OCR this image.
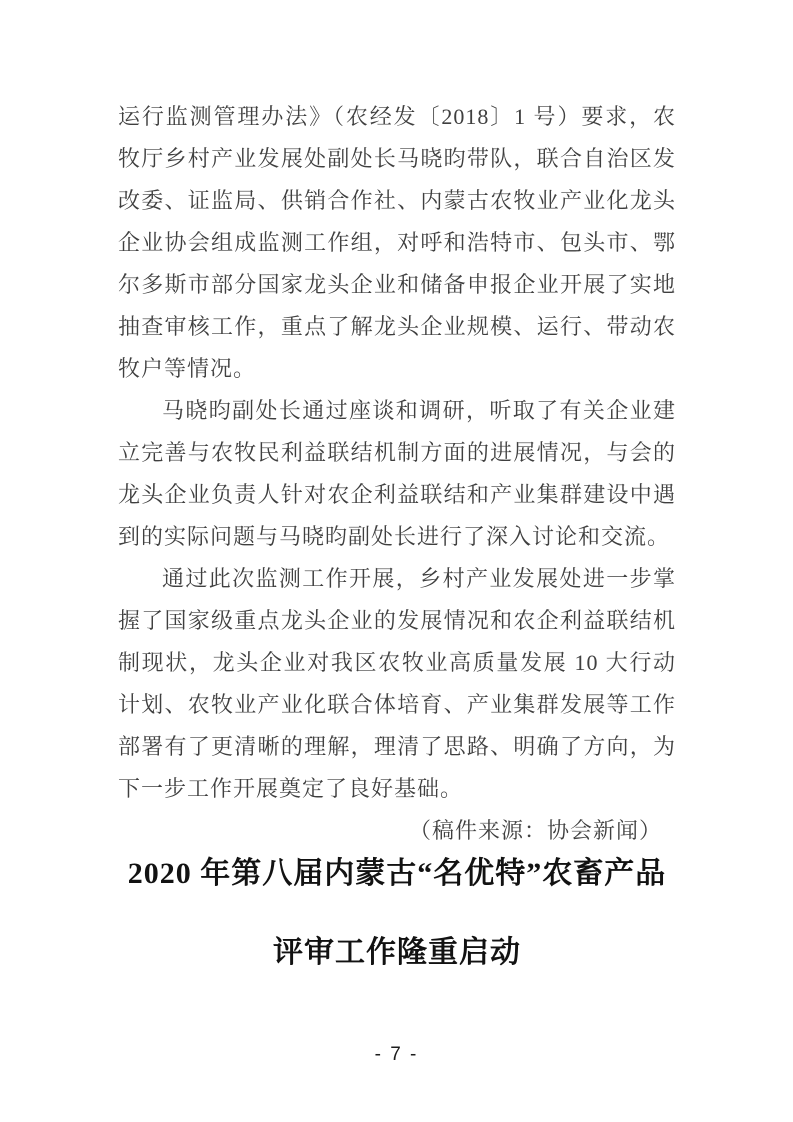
运行监测管理办法》（农经发〔2018〕1 号）要求，农牧厅乡村产业发展处副处长马晓昀带队，联合自治区发改委、证监局、供销合作社、内蒙古农牧业产业化龙头企业协会组成监测工作组，对呼和浩特市、包头市、鄂尔多斯市部分国家龙头企业和储备申报企业开展了实地抽查审核工作，重点了解龙头企业规模、运行、带动农牧户等情况。

马晓昀副处长通过座谈和调研，听取了有关企业建立完善与农牧民利益联结机制方面的进展情况，与会的龙头企业负责人针对农企利益联结和产业集群建设中遇到的实际问题与马晓昀副处长进行了深入讨论和交流。

通过此次监测工作开展，乡村产业发展处进一步掌握了国家级重点龙头企业的发展情况和农企利益联结机制现状，龙头企业对我区农牧业高质量发展 10 大行动计划、农牧业产业化联合体培育、产业集群发展等工作部署有了更清晰的理解，理清了思路、明确了方向，为下一步工作开展奠定了良好基础。

（稿件来源：协会新闻）

2020 年第八届内蒙古“名优特”农畜产品
评审工作隆重启动
- 7 -
